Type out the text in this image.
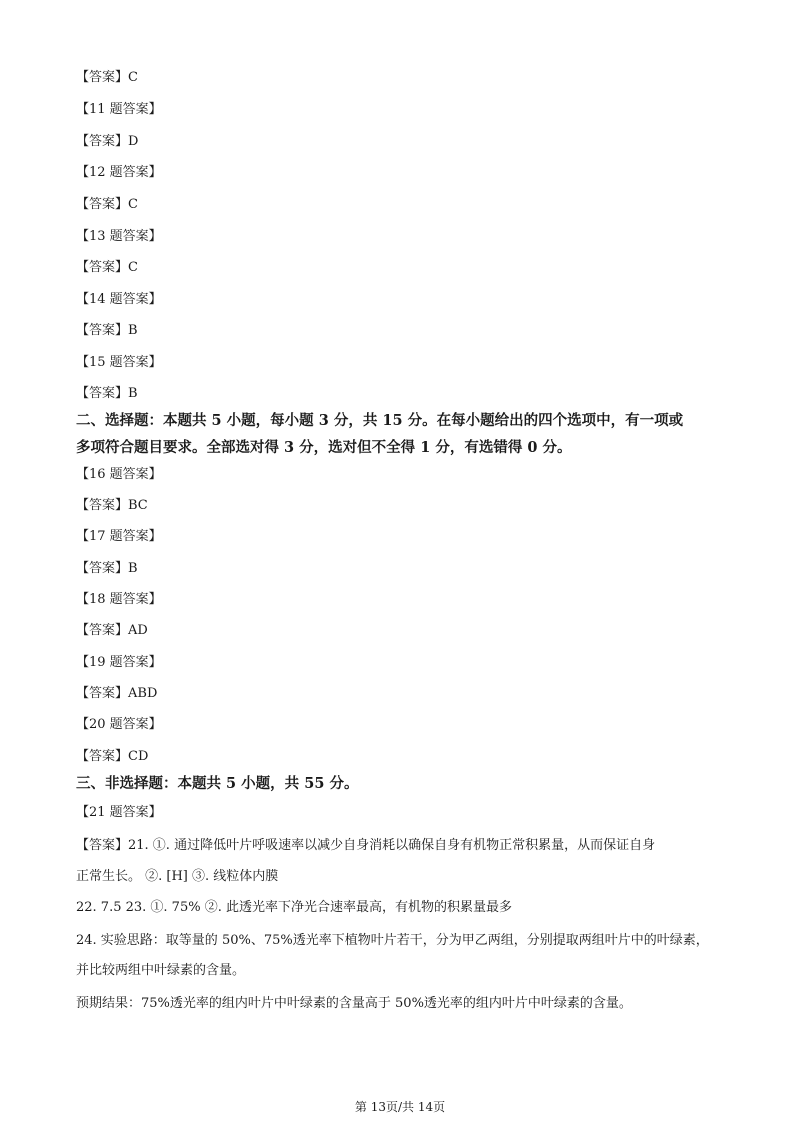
【答案】C
【11 题答案】
【答案】D
【12 题答案】
【答案】C
【13 题答案】
【答案】C
【14 题答案】
【答案】B
【15 题答案】
【答案】B
二、选择题：本题共 5 小题，每小题 3 分，共 15 分。在每小题给出的四个选项中，有一项或
多项符合题目要求。全部选对得 3 分，选对但不全得 1 分，有选错得 0 分。
【16 题答案】
【答案】BC
【17 题答案】
【答案】B
【18 题答案】
【答案】AD
【19 题答案】
【答案】ABD
【20 题答案】
【答案】CD
三、非选择题：本题共 5 小题，共 55 分。
【21 题答案】
【答案】21. ①. 通过降低叶片呼吸速率以减少自身消耗以确保自身有机物正常积累量，从而保证自身
正常生长。 ②. [H] ③. 线粒体内膜
22. 7.5 23. ①. 75% ②. 此透光率下净光合速率最高，有机物的积累量最多
24. 实验思路：取等量的 50%、75%透光率下植物叶片若干，分为甲乙两组，分别提取两组叶片中的叶绿素，
并比较两组中叶绿素的含量。
预期结果：75%透光率的组内叶片中叶绿素的含量高于 50%透光率的组内叶片中叶绿素的含量。
第 13页/共 14页
